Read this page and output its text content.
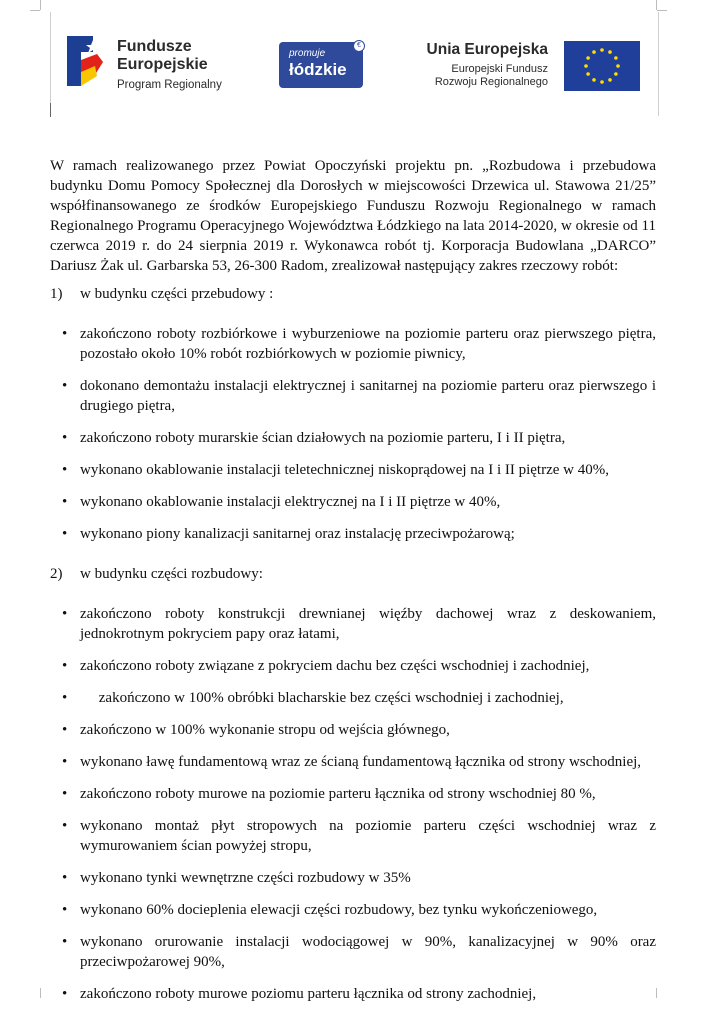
Fundusze
Europejskie
Program Regionalny
promuje
łódzkie
€	Unia Europejska
Europejski Fundusz
Rozwoju Regionalnego

W ramach realizowanego przez Powiat Opoczyński projektu pn. „Rozbudowa i przebudowa budynku Domu Pomocy Społecznej dla Dorosłych w miejscowości Drzewica ul. Stawowa 21/25” współfinansowanego ze środków Europejskiego Funduszu Rozwoju Regionalnego w ramach Regionalnego Programu Operacyjnego Województwa Łódzkiego na lata 2014-2020, w okresie od 11 czerwca 2019 r. do 24 sierpnia 2019 r. Wykonawca robót tj. Korporacja Budowlana „DARCO” Dariusz Żak ul. Garbarska 53, 26-300 Radom, zrealizował następujący zakres rzeczowy robót:

1) w budynku części przebudowy :

• zakończono roboty rozbiórkowe i wyburzeniowe na poziomie parteru oraz pierwszego piętra, pozostało około 10% robót rozbiórkowych w poziomie piwnicy,
• dokonano demontażu instalacji elektrycznej i sanitarnej na poziomie parteru oraz pierwszego i drugiego piętra,
• zakończono roboty murarskie ścian działowych na poziomie parteru, I i II piętra,
• wykonano okablowanie instalacji teletechnicznej niskoprądowej na I i II piętrze w 40%,
• wykonano okablowanie instalacji elektrycznej na I i II piętrze w 40%,
• wykonano piony kanalizacji sanitarnej oraz instalację przeciwpożarową;

2) w budynku części rozbudowy:

• zakończono roboty konstrukcji drewnianej więźby dachowej wraz z deskowaniem, jednokrotnym pokryciem papy oraz łatami,
• zakończono roboty związane z pokryciem dachu bez części wschodniej i zachodniej,
• zakończono w 100% obróbki blacharskie bez części wschodniej i zachodniej,
• zakończono w 100% wykonanie stropu od wejścia głównego,
• wykonano ławę fundamentową wraz ze ścianą fundamentową łącznika od strony wschodniej,
• zakończono roboty murowe na poziomie parteru łącznika od strony wschodniej 80 %,
• wykonano montaż płyt stropowych na poziomie parteru części wschodniej wraz z wymurowaniem ścian powyżej stropu,
• wykonano tynki wewnętrzne części rozbudowy w 35%
• wykonano 60% docieplenia elewacji części rozbudowy, bez tynku wykończeniowego,
• wykonano orurowanie instalacji wodociągowej w 90%, kanalizacyjnej w 90% oraz przeciwpożarowej 90%,
• zakończono roboty murowe poziomu parteru łącznika od strony zachodniej,
